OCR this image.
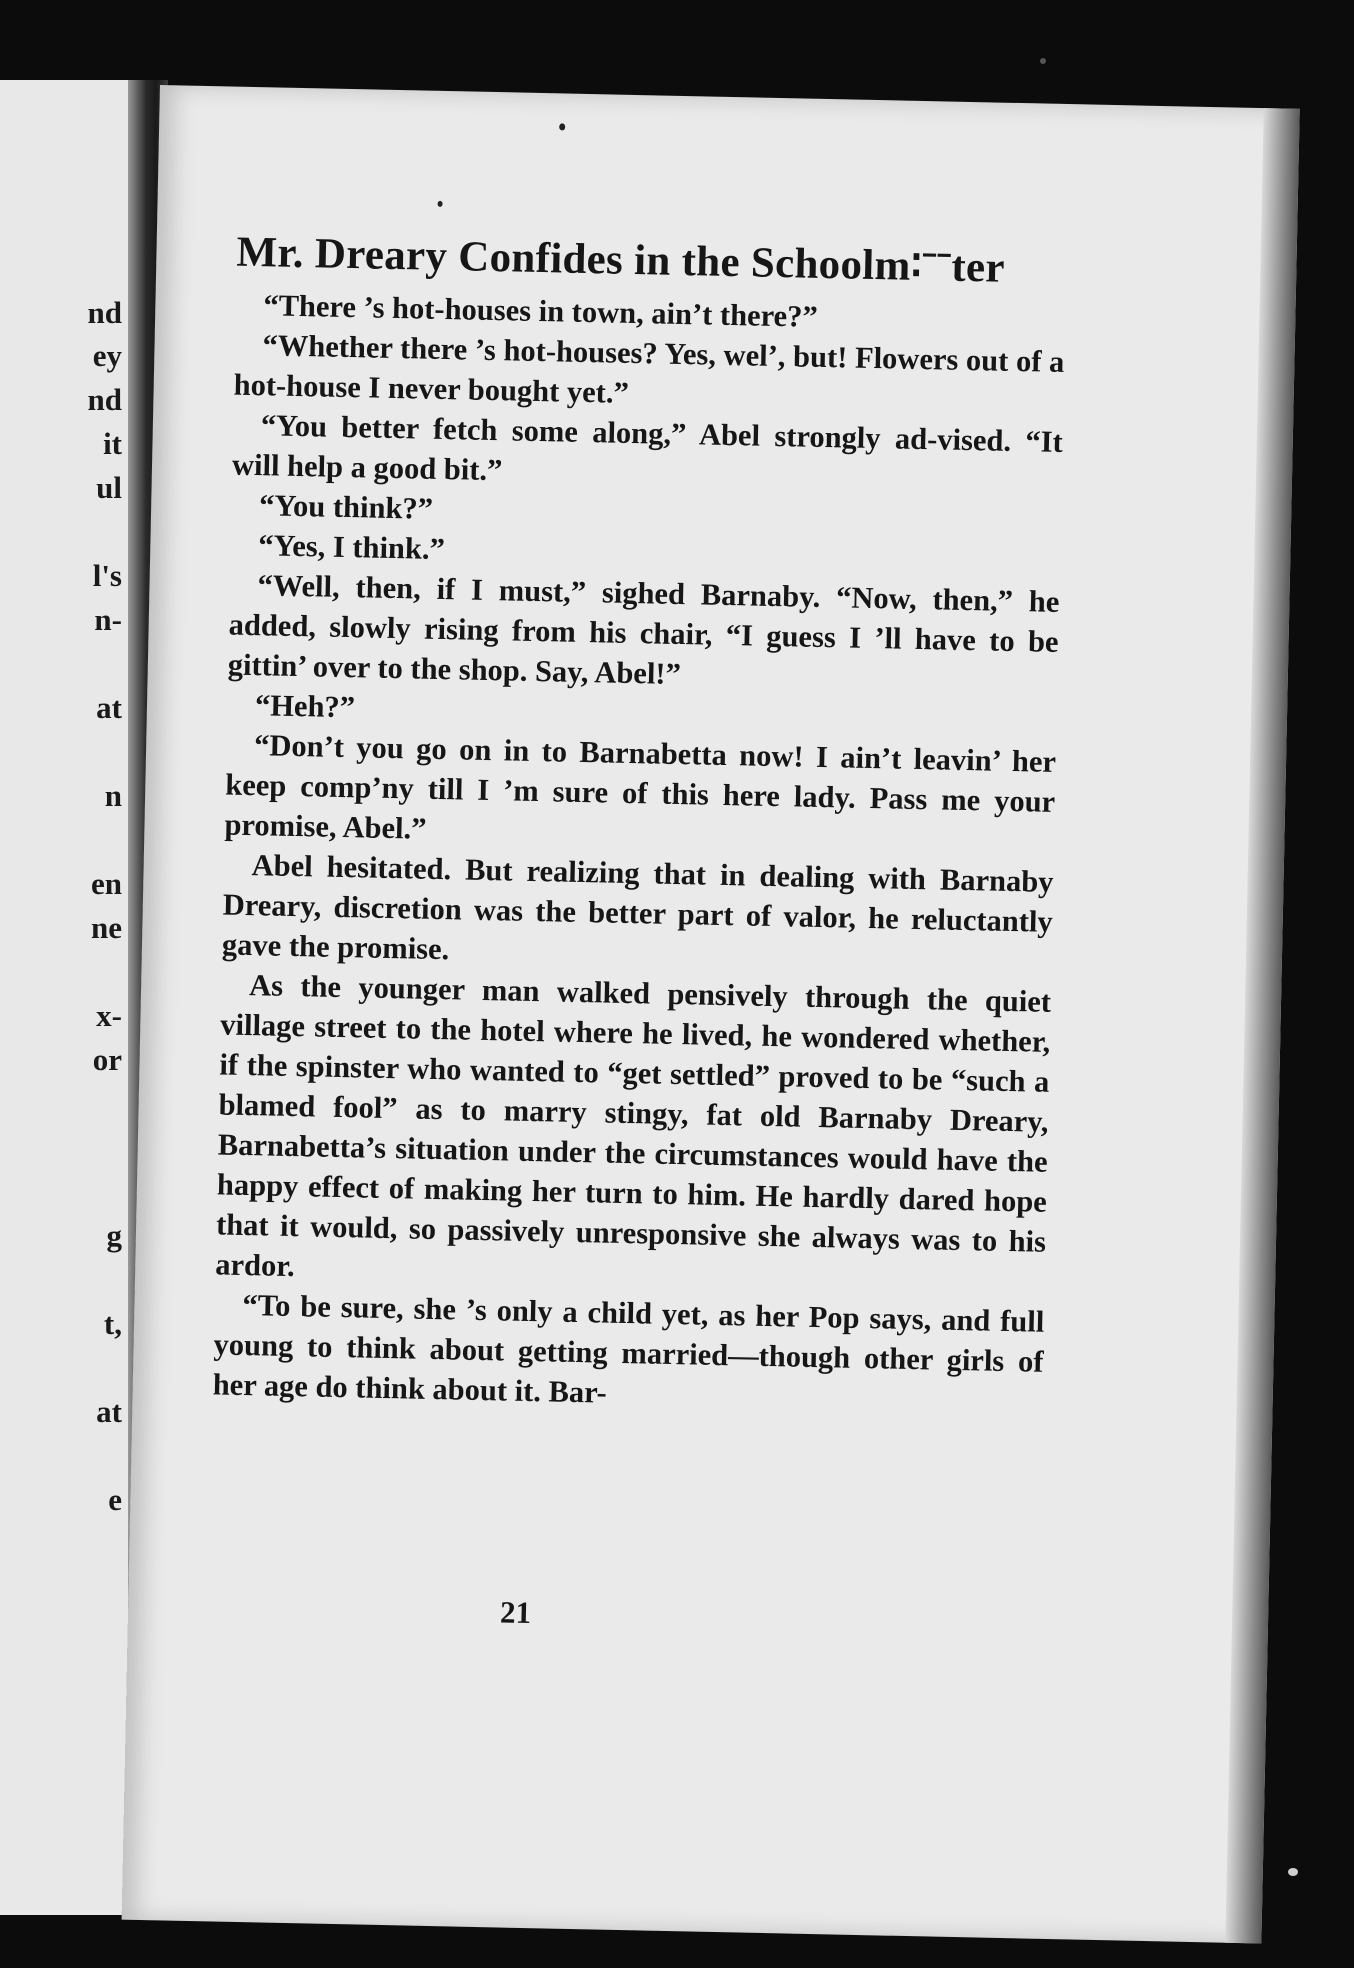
nd
ey
nd
it
ul
l's
n-
at
n
en
ne
x-
or
g
t,
at
e
Mr. Dreary Confides in the Schoolm∶ˉˉter

“There ’s hot-houses in town, ain’t there?”

“Whether there ’s hot-houses? Yes, wel’, but! Flowers out of a hot-house I never bought yet.”

“You better fetch some along,” Abel strongly ad-vised. “It will help a good bit.”

“You think?”

“Yes, I think.”

“Well, then, if I must,” sighed Barnaby. “Now, then,” he added, slowly rising from his chair, “I guess I ’ll have to be gittin’ over to the shop. Say, Abel!”

“Heh?”

“Don’t you go on in to Barnabetta now! I ain’t leavin’ her keep comp’ny till I ’m sure of this here lady. Pass me your promise, Abel.”

Abel hesitated. But realizing that in dealing with Barnaby Dreary, discretion was the better part of valor, he reluctantly gave the promise.

As the younger man walked pensively through the quiet village street to the hotel where he lived, he wondered whether, if the spinster who wanted to “get settled” proved to be “such a blamed fool” as to marry stingy, fat old Barnaby Dreary, Barnabetta’s situation under the circumstances would have the happy effect of making her turn to him. He hardly dared hope that it would, so passively unresponsive she always was to his ardor.

“To be sure, she ’s only a child yet, as her Pop says, and full young to think about getting married—though other girls of her age do think about it. Bar-

21
